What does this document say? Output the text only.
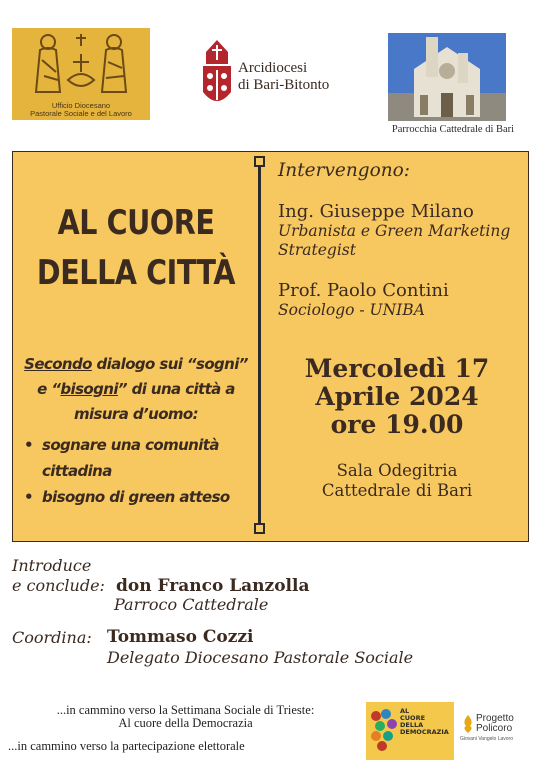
Ufficio Diocesano
Pastorale Sociale e del Lavoro
Arcidiocesi
di Bari-Bitonto
Parrocchia Cattedrale di Bari
AL CUORE
DELLA CITTÀ
Secondo dialogo sui “sogni” e “bisogni” di una città a misura d’uomo:
• sognare una comunità cittadina
• bisogno di green atteso
Intervengono:
Ing. Giuseppe Milano
Urbanista e Green Marketing Strategist
Prof. Paolo Contini
Sociologo - UNIBA
Mercoledì 17
Aprile 2024
ore 19.00
Sala Odegitria
Cattedrale di Bari
Introduce
e conclude: don Franco Lanzolla
Parroco Cattedrale
Coordina: Tommaso Cozzi
Delegato Diocesano Pastorale Sociale
...in cammino verso la Settimana Sociale di Trieste:
Al cuore della Democrazia
...in cammino verso la partecipazione elettorale
AL
CUORE
DELLA
DEMOCRAZIA
Progetto
Policoro
Giovani Vangelo Lavoro
